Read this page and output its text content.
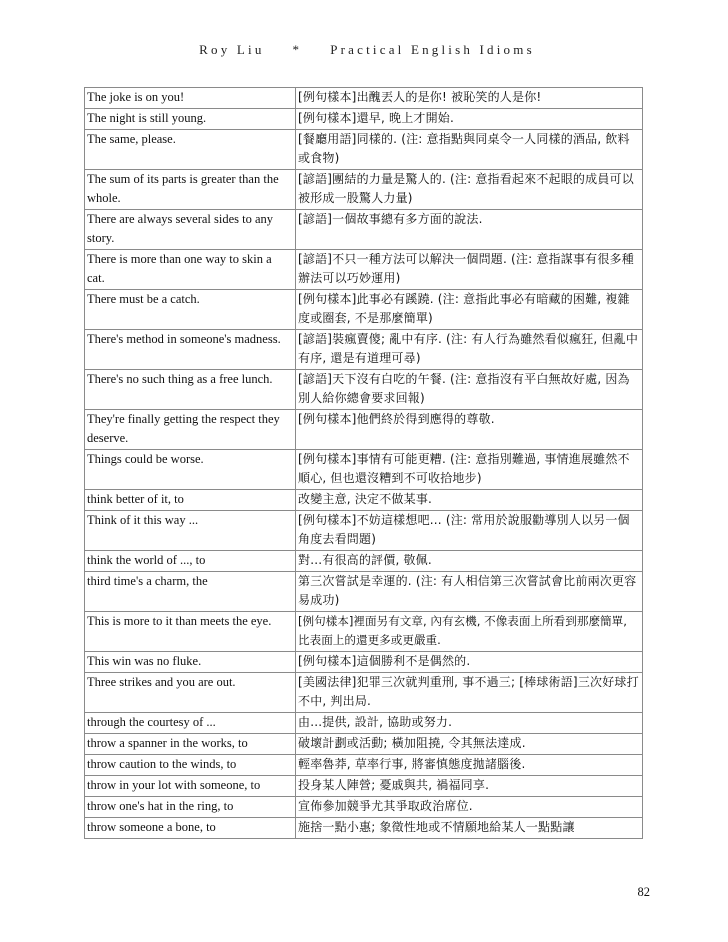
Roy Liu * Practical English Idioms
The joke is on you!	[例句樣本]出醜丟人的是你! 被恥笑的人是你!
The night is still young.	[例句樣本]還早, 晚上才開始.
The same, please.	[餐廳用語]同樣的. (注: 意指點與同桌令一人同樣的酒品, 飲料或食物)
The sum of its parts is greater than the whole.	[諺語]團結的力量是驚人的. (注: 意指看起來不起眼的成員可以被形成一股驚人力量)
There are always several sides to any story.	[諺語]一個故事總有多方面的說法.
There is more than one way to skin a cat.	[諺語]不只一種方法可以解決一個問題. (注: 意指謀事有很多種辦法可以巧妙運用)
There must be a catch.	[例句樣本]此事必有蹊蹺. (注: 意指此事必有暗藏的困難, 複雜度或圈套, 不是那麼簡單)
There's method in someone's madness.	[諺語]裝瘋賣傻; 亂中有序. (注: 有人行為雖然看似瘋狂, 但亂中有序, 還是有道理可尋)
There's no such thing as a free lunch.	[諺語]天下沒有白吃的午餐. (注: 意指沒有平白無故好處, 因為別人給你總會要求回報)
They're finally getting the respect they deserve.	[例句樣本]他們終於得到應得的尊敬.
Things could be worse.	[例句樣本]事情有可能更糟. (注: 意指別難過, 事情進展雖然不順心, 但也還沒糟到不可收拾地步)
think better of it, to	改變主意, 決定不做某事.
Think of it this way ...	[例句樣本]不妨這樣想吧... (注: 常用於說服勸導別人以另一個角度去看問題)
think the world of ..., to	對...有很高的評價, 敬佩.
third time's a charm, the	第三次嘗試是幸運的. (注: 有人相信第三次嘗試會比前兩次更容易成功)
This is more to it than meets the eye.	[例句樣本]裡面另有文章, 內有玄機, 不像表面上所看到那麼簡單, 比表面上的還更多或更嚴重.
This win was no fluke.	[例句樣本]這個勝利不是偶然的.
Three strikes and you are out.	[美國法律]犯罪三次就判重刑, 事不過三; [棒球術語]三次好球打不中, 判出局.
through the courtesy of ...	由...提供, 設計, 協助或努力.
throw a spanner in the works, to	破壞計劃或活動; 橫加阻撓, 令其無法達成.
throw caution to the winds, to	輕率魯莽, 草率行事, 將審慎態度拋諸腦後.
throw in your lot with someone, to	投身某人陣營; 憂戚與共, 禍福同享.
throw one's hat in the ring, to	宣佈參加競爭尤其爭取政治席位.
throw someone a bone, to	施捨一點小惠; 象徵性地或不情願地給某人一點點讓
82
